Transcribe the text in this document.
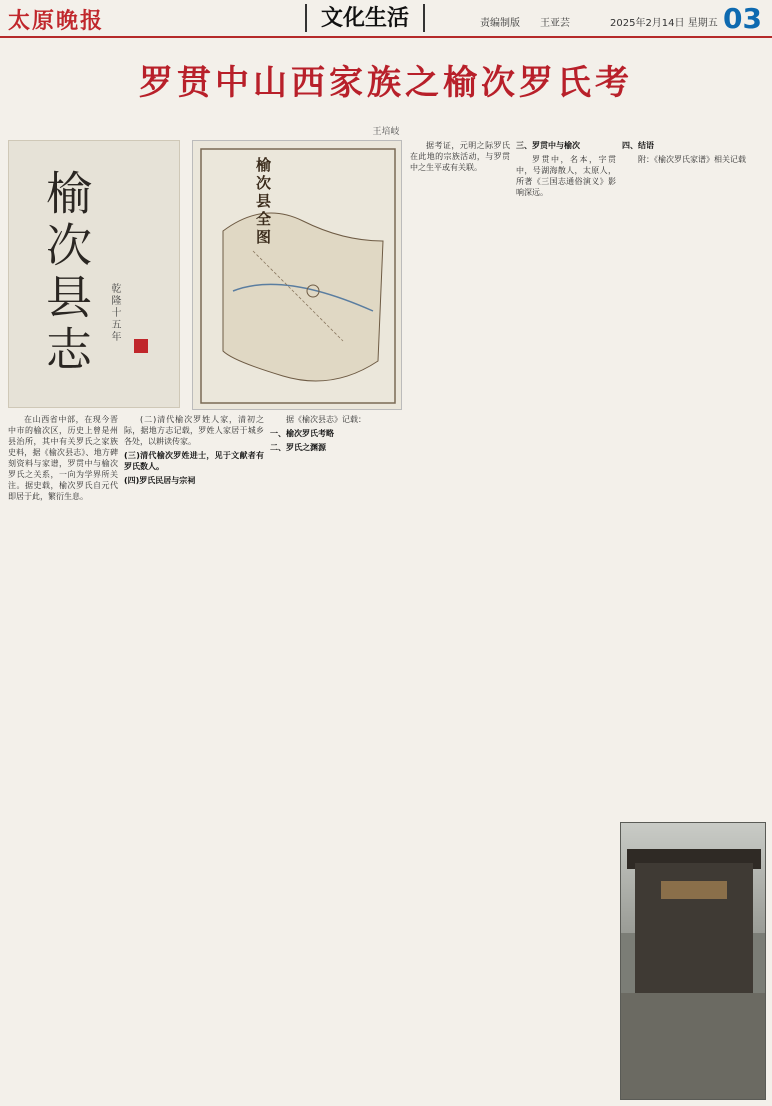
太原晚报	文化生活	责编制版 王亚芸	2025年2月14日 星期五 03
罗贯中山西家族之榆次罗氏考
王培岐
榆次县志	乾隆十五年
榆次县全图

在山西省中部，在现今晋中市的榆次区，历史上曾是州县治所，其中有关罗氏之家族史料，据《榆次县志》、地方碑刻资料与家谱，罗贯中与榆次罗氏之关系，一向为学界所关注。据史载，榆次罗氏自元代即居于此，繁衍生息。

(二)清代榆次罗姓人家，清初之际，据地方志记载，罗姓人家居于城乡各处，以耕读传家。

(三)清代榆次罗姓进士，见于文献者有罗氏数人。

(四)罗氏民居与宗祠

据《榆次县志》记载：

一、榆次罗氏考略

二、罗氏之渊源

据考证，元明之际罗氏在此地的宗族活动，与罗贯中之生平或有关联。

三、罗贯中与榆次

罗贯中，名本，字贯中，号湖海散人，太原人，所著《三国志通俗演义》影响深远。

四、结语

附：《榆次罗氏家谱》相关记载
